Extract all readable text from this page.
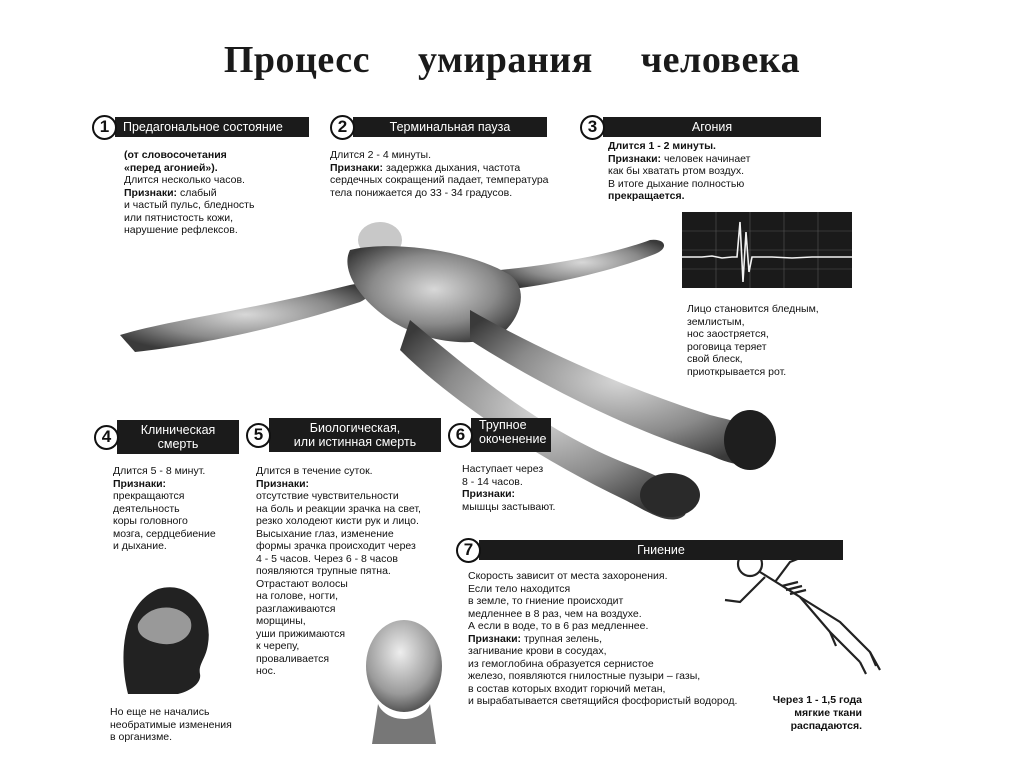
Процесс умирания человека
1	Предагональное состояние	2	Терминальная пауза	3	Агония
4	Клиническая
смерть	5	Биологическая,
или истинная смерть	6	Трупное
окоченение
7	Гниение

(от словосочетания

«перед агонией»).

Длится несколько часов.

Признаки: слабый

и частый пульс, бледность

или пятнистость кожи,

нарушение рефлексов.

Длится 2 - 4 минуты.

Признаки: задержка дыхания, частота

сердечных сокращений падает, температура

тела понижается до 33 - 34 градусов.

Длится 1 - 2 минуты.

Признаки: человек начинает

как бы хватать ртом воздух.

В итоге дыхание полностью

прекращается.

Лицо становится бледным,

землистым,

нос заостряется,

роговица теряет

свой блеск,

приоткрывается рот.

Длится 5 - 8 минут.

Признаки:

прекращаются

деятельность

коры головного

мозга, сердцебиение

и дыхание.

Но еще не начались

необратимые изменения

в организме.

Длится в течение суток.

Признаки:

отсутствие чувствительности

на боль и реакции зрачка на свет,

резко холодеют кисти рук и лицо.

Высыхание глаз, изменение

формы зрачка происходит через

4 - 5 часов. Через 6 - 8 часов

появляются трупные пятна.

Отрастают волосы

на голове, ногти,

разглаживаются

морщины,

уши прижимаются

к черепу,

проваливается

нос.

Наступает через

8 - 14 часов.

Признаки:

мышцы застывают.

Скорость зависит от места захоронения.

Если тело находится

в земле, то гниение происходит

медленнее в 8 раз, чем на воздухе.

А если в воде, то в 6 раз медленнее.

Признаки: трупная зелень,

загнивание крови в сосудах,

из гемоглобина образуется сернистое

железо, появляются гнилостные пузыри – газы,

в состав которых входит горючий метан,

и вырабатывается светящийся фосфористый водород.	Через 1 - 1,5 года

мягкие ткани

распадаются.
